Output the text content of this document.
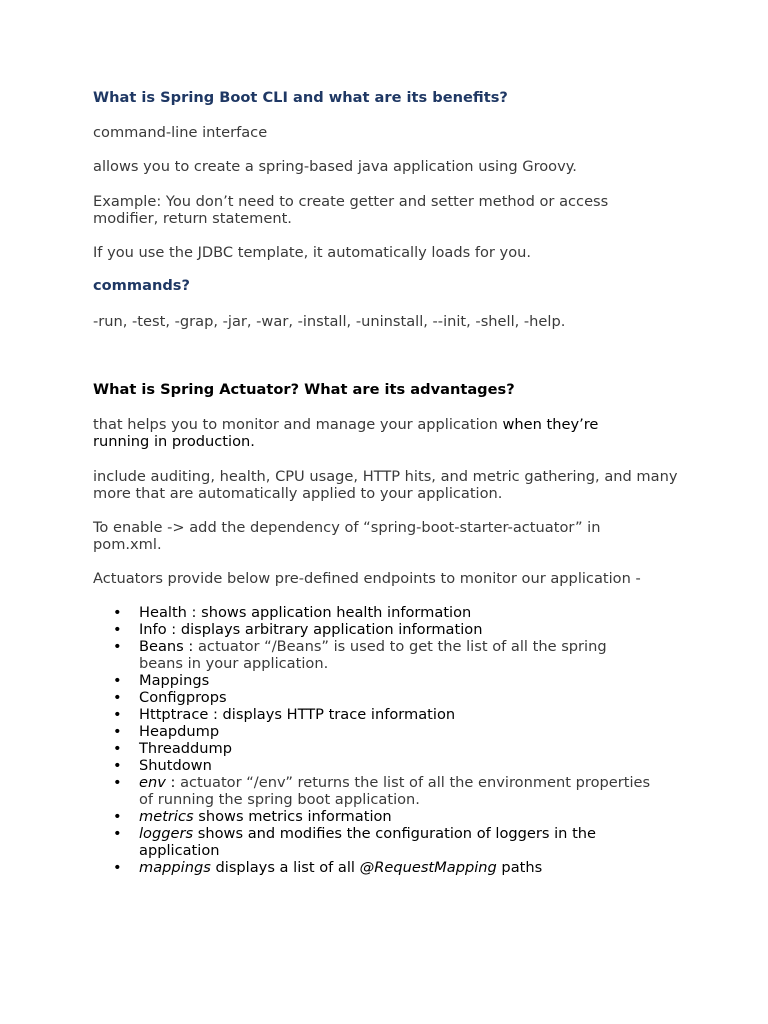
What is Spring Boot CLI and what are its benefits?

command-line interface

allows you to create a spring-based java application using Groovy.

Example: You don’t need to create getter and setter method or access modifier, return statement.

If you use the JDBC template, it automatically loads for you.

commands?

-run, -test, -grap, -jar, -war, -install, -uninstall, --init, -shell, -help.

What is Spring Actuator? What are its advantages?

that helps you to monitor and manage your application when they’re running in production.

include auditing, health, CPU usage, HTTP hits, and metric gathering, and many more that are automatically applied to your application.

To enable -> add the dependency of “spring-boot-starter-actuator” in pom.xml.

Actuators provide below pre-defined endpoints to monitor our application -

• Health : shows application health information
• Info : displays arbitrary application information
• Beans : actuator “/Beans” is used to get the list of all the spring beans in your application.
• Mappings
• Configprops
• Httptrace : displays HTTP trace information
• Heapdump
• Threaddump
• Shutdown
• env : actuator “/env” returns the list of all the environment properties of running the spring boot application.
• metrics shows metrics information
• loggers shows and modifies the configuration of loggers in the application
• mappings displays a list of all @RequestMapping paths
